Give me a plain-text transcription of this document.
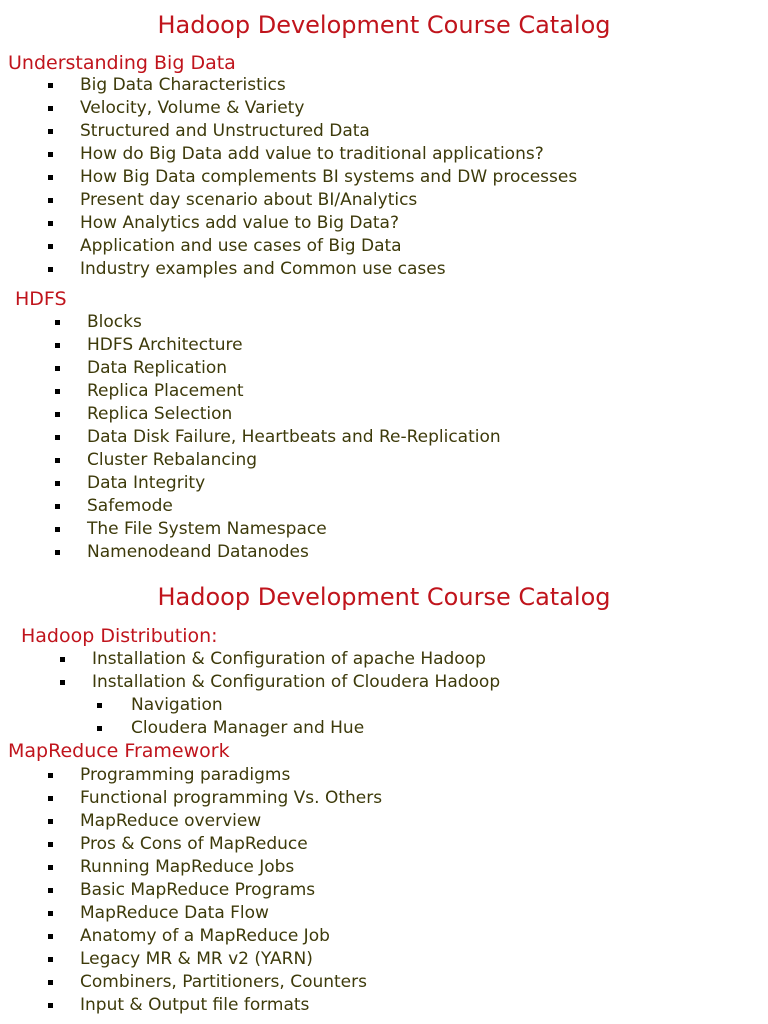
Hadoop Development Course Catalog
Understanding Big Data
Big Data Characteristics
Velocity, Volume & Variety
Structured and Unstructured Data
How do Big Data add value to traditional applications?
How Big Data complements BI systems and DW processes
Present day scenario about BI/Analytics
How Analytics add value to Big Data?
Application and use cases of Big Data
Industry examples and Common use cases
HDFS
Blocks
HDFS Architecture
Data Replication
Replica Placement
Replica Selection
Data Disk Failure, Heartbeats and Re-Replication
Cluster Rebalancing
Data Integrity
Safemode
The File System Namespace
Namenodeand Datanodes
Hadoop Development Course Catalog
Hadoop Distribution:
Installation & Configuration of apache Hadoop
Installation & Configuration of Cloudera Hadoop
Navigation
Cloudera Manager and Hue
MapReduce Framework
Programming paradigms
Functional programming Vs. Others
MapReduce overview
Pros & Cons of MapReduce
Running MapReduce Jobs
Basic MapReduce Programs
MapReduce Data Flow
Anatomy of a MapReduce Job
Legacy MR & MR v2 (YARN)
Combiners, Partitioners, Counters
Input & Output file formats
